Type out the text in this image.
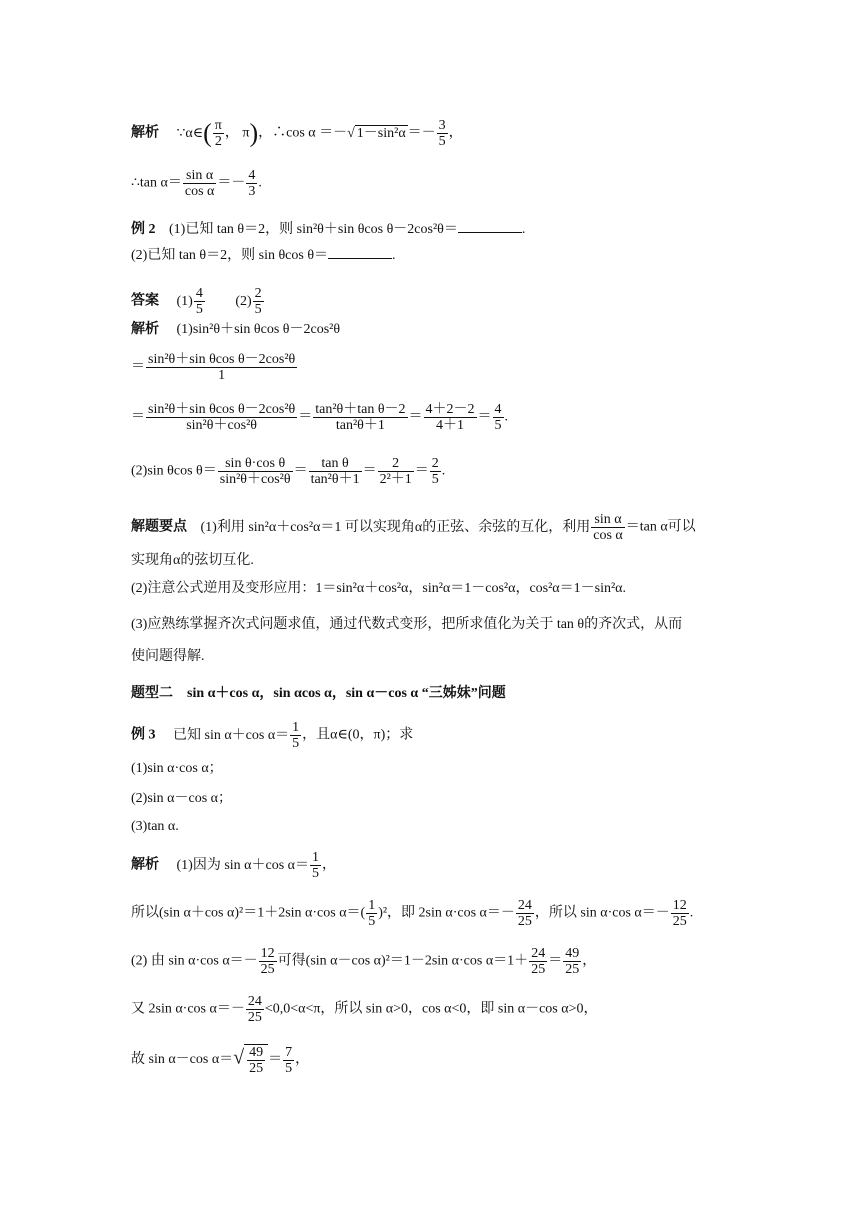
解析 ∵α∈( $\frac{\pi}{2}$ ， π)，∴cos α ＝－√ $1-\sin^2\alpha =- \frac{3}{5}$ ，
∴tan $\alpha= \frac{\text{sin α}}{\text{cos α}} =- \frac{4}{3}$ .
例 2 (1)已知 tan θ＝2，则 sin²θ＋sin θcos θ－2cos²θ＝	.
(2)已知 tan θ＝2，则 sin θcos θ＝	.
答案 $(1) \frac{4}{5} (2) \frac{2}{5}$
解析 (1)sin²θ＋sin θcos θ－2cos²θ
＝ $\frac{\text{sin²θ＋sin θcos θ－2cos²θ}}{1}$
＝ $\frac{\text{sin²θ＋sin θcos θ－2cos²θ}}{\text{sin²θ＋cos²θ}} = \frac{\text{tan²θ＋tan θ－2}}{\text{tan²θ＋1}} = \frac{4+2-2}{4+1} = \frac{4}{5}$ .
(2)sin θcos $\theta= \frac{\text{sin θ·cos θ}}{\text{sin²θ＋cos²θ}} = \frac{\text{tan θ}}{\text{tan²θ＋1}} = \frac{2}{\text{2²＋1}} = \frac{2}{5}$ .
解题要点 (1)利用 sin²α＋cos²α＝1 可以实现角α的正弦、余弦的互化，利用 $\frac{\text{sin α}}{\text{cos α}} =\tan$ α可以
实现角α的弦切互化.
(2)注意公式逆用及变形应用：1＝sin²α＋cos²α，sin²α＝1－cos²α，cos²α＝1－sin²α.
(3)应熟练掌握齐次式问题求值，通过代数式变形，把所求值化为关于 tan θ的齐次式，从而
使问题得解.
题型二　sin α＋cos α，sin αcos α，sin α－cos α “三姊妹”问题
例 3 已知 sin α＋cos $\alpha= \frac{1}{5}$ ，且α∈(0，π)；求
(1)sin α·cos α；
(2)sin α－cos α；
(3)tan α.
解析 (1)因为 sin α＋cos $\alpha= \frac{1}{5}$ ，
所以(sin α＋cos α)²＝1＋2sin α·cos $\alpha=( \frac{1}{5} )^2$，即 2sin α·cos $\alpha=- \frac{24}{25}$ ，所以 sin α·cos $\alpha=- \frac{12}{25}$ .
(2) 由 sin α·cos $\alpha=- \frac{12}{25}$ 可得(sin α－cos α)²＝1－2sin α·cos $\alpha=1+ \frac{24}{25} = \frac{49}{25}$ ，
又 2sin α·cos $\alpha=- \frac{24}{25} <0,0<\alpha<\pi$，所以 sin α>0，cos α<0，即 sin α－cos α>0，
故 sin α－cos $\alpha=√ \frac{49}{25} = \frac{7}{5}$ ，
